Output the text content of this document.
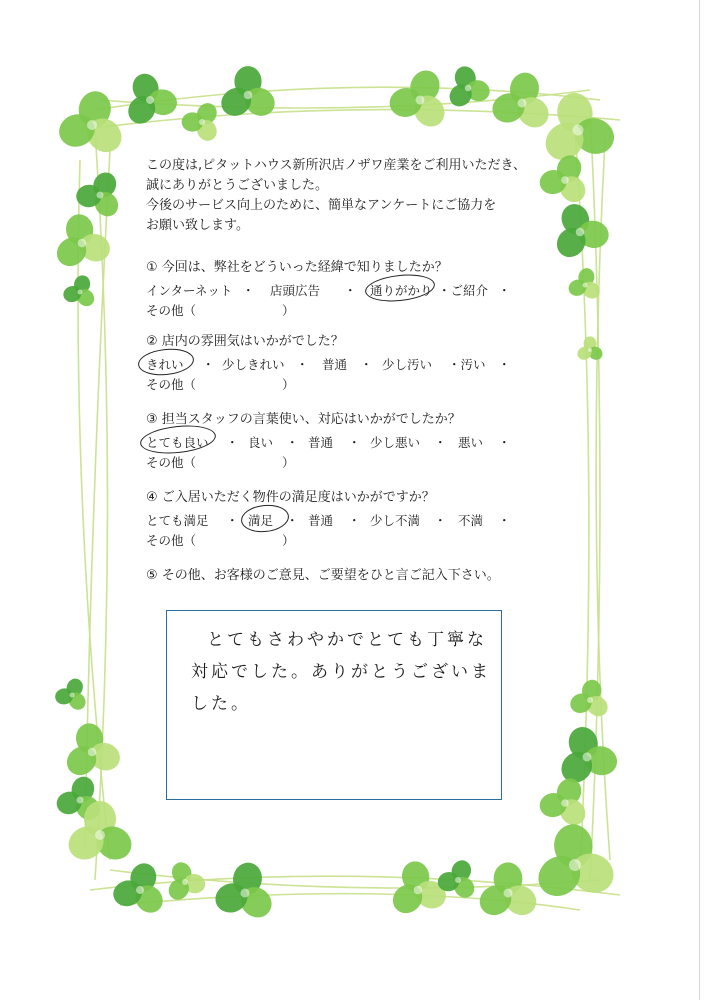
この度は,ピタットハウス新所沢店ノザワ産業をご利用いただき、
誠にありがとうございました。
今後のサービス向上のために、簡単なアンケートにご協力を
お願い致します。
① 今回は、弊社をどういった経緯で知りましたか？
インターネット ・ 店頭広告 ・ 通りがかり ・ご紹介 ・
その他（	）
② 店内の雰囲気はいかがでした？
きれい ・ 少しきれい ・ 普通 ・ 少し汚い ・汚い ・
その他（	）
③ 担当スタッフの言葉使い、対応はいかがでしたか？
とても良い ・ 良い ・ 普通 ・ 少し悪い ・ 悪い ・
その他（	）
④ ご入居いただく物件の満足度はいかがですか？
とても満足 ・ 満足 ・ 普通 ・ 少し不満 ・ 不満 ・
その他（	）
⑤ その他、お客様のご意見、ご要望をひと言ご記入下さい。
とてもさわやかでとても丁寧な
対応でした。ありがとうございま
した。
